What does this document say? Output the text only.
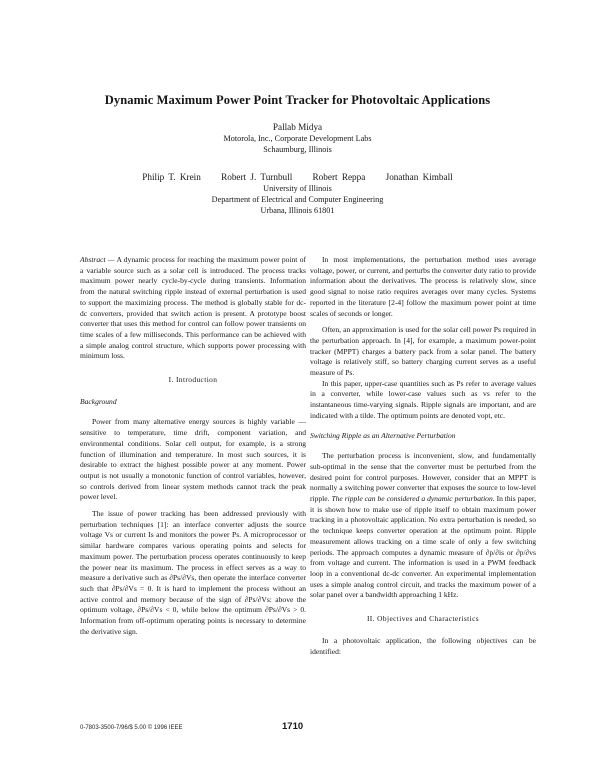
Dynamic Maximum Power Point Tracker for Photovoltaic Applications
Pallab Midya
Motorola, Inc., Corporate Development Labs
Schaumburg, Illinois
Philip T. Krein Robert J. Turnbull Robert Reppa Jonathan Kimball
University of Illinois
Department of Electrical and Computer Engineering
Urbana, Illinois 61801

Abstract — A dynamic process for reaching the maximum power point of a variable source such as a solar cell is introduced. The process tracks maximum power nearly cycle-by-cycle during transients. Information from the natural switching ripple instead of external perturbation is used to support the maximizing process. The method is globally stable for dc-dc converters, provided that switch action is present. A prototype boost converter that uses this method for control can follow power transients on time scales of a few milliseconds. This performance can be achieved with a simple analog control structure, which supports power processing with minimum loss.

I. Introduction

Background

Power from many alternative energy sources is highly variable — sensitive to temperature, time drift, component variation, and environmental conditions. Solar cell output, for example, is a strong function of illumination and temperature. In most such sources, it is desirable to extract the highest possible power at any moment. Power output is not usually a monotonic function of control variables, however, so controls derived from linear system methods cannot track the peak power level.

The issue of power tracking has been addressed previously with perturbation techniques [1]: an interface converter adjusts the source voltage Vs or current Is and monitors the power Ps. A microprocessor or similar hardware compares various operating points and selects for maximum power. The perturbation process operates continuously to keep the power near its maximum. The process in effect serves as a way to measure a derivative such as ∂Ps/∂Vs, then operate the interface converter such that ∂Ps/∂Vs = 0. It is hard to implement the process without an active control and memory because of the sign of ∂Ps/∂Vs: above the optimum voltage, ∂Ps/∂Vs < 0, while below the optimum ∂Ps/∂Vs > 0. Information from off-optimum operating points is necessary to determine the derivative sign.

In most implementations, the perturbation method uses average voltage, power, or current, and perturbs the converter duty ratio to provide information about the derivatives. The process is relatively slow, since good signal to noise ratio requires averages over many cycles. Systems reported in the literature [2-4] follow the maximum power point at time scales of seconds or longer.

Often, an approximation is used for the solar cell power Ps required in the perturbation approach. In [4], for example, a maximum power-point tracker (MPPT) charges a battery pack from a solar panel. The battery voltage is relatively stiff, so battery charging current serves as a useful measure of Ps.

In this paper, upper-case quantities such as Ps refer to average values in a converter, while lower-case values such as vs refer to the instantaneous time-varying signals. Ripple signals are important, and are indicated with a tilde. The optimum points are denoted vopt, etc.

Switching Ripple as an Alternative Perturbation

The perturbation process is inconvenient, slow, and fundamentally sub-optimal in the sense that the converter must be perturbed from the desired point for control purposes. However, consider that an MPPT is normally a switching power converter that exposes the source to low-level ripple. The ripple can be considered a dynamic perturbation. In this paper, it is shown how to make use of ripple itself to obtain maximum power tracking in a photovoltaic application. No extra perturbation is needed, so the technique keeps converter operation at the optimum point. Ripple measurement allows tracking on a time scale of only a few switching periods. The approach computes a dynamic measure of ∂p/∂is or ∂p/∂vs from voltage and current. The information is used in a PWM feedback loop in a conventional dc-dc converter. An experimental implementation uses a simple analog control circuit, and tracks the maximum power of a solar panel over a bandwidth approaching 1 kHz.

II. Objectives and Characteristics

In a photovoltaic application, the following objectives can be identified:

0-7803-3500-7/96/$ 5.00 © 1996 IEEE	1710
